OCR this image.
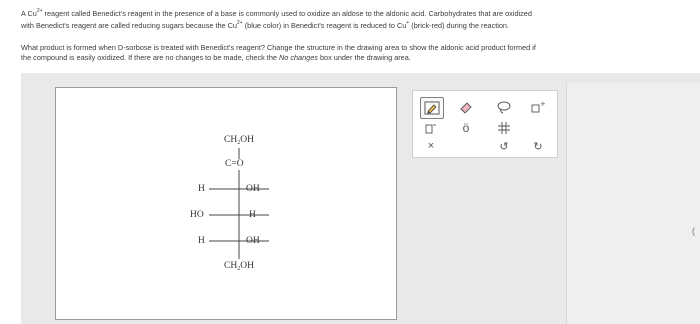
A $Cu^{2+}$ reagent called Benedict's reagent in the presence of a base is commonly used to oxidize an aldose to the aldonic acid. Carbohydrates that are oxidized
with Benedict's reagent are called reducing sugars because the $Cu^{2+}$ (blue color) in Benedict's reagent is reduced to Cu+ (brick-red) during the reaction.
What product is formed when D-sorbose is treated with Benedict's reagent? Change the structure in the drawing area to show the aldonic acid product formed if
the compound is easily oxidized. If there are no changes to be made, check the No changes box under the drawing area.
(
$CH_2OH$
C=O
H	OH
HO	H
H	OH
$CH_2OH$
+
ö
×	↺ ↻
